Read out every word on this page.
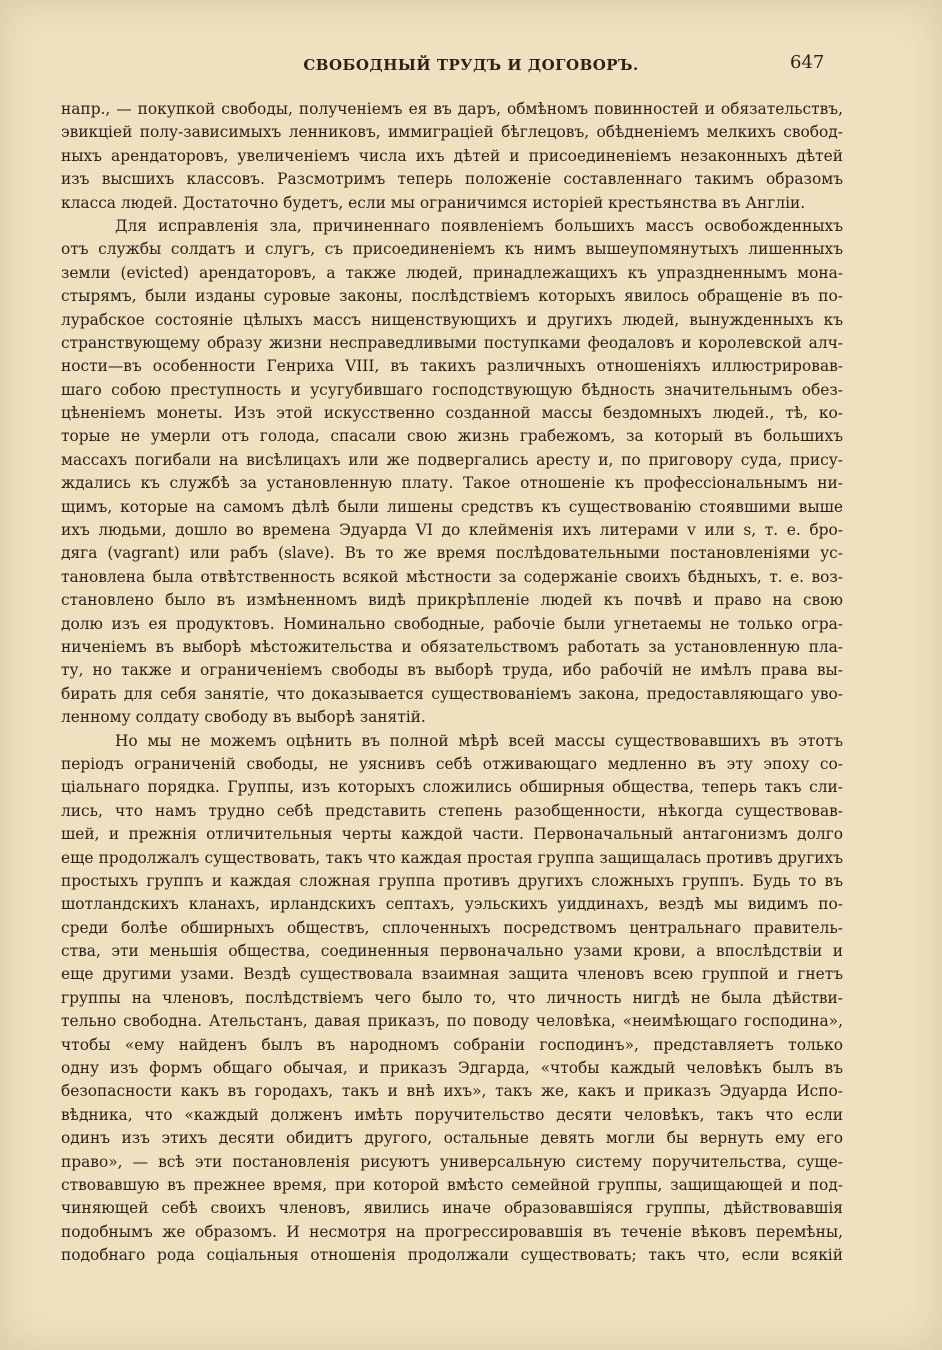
СВОБОДНЫЙ ТРУДЪ И ДОГОВОРЪ.	647
напр., — покупкой свободы, полученіемъ ея въ даръ, обмѣномъ повинностей и обязательствъ,
эвикціей полу-зависимыхъ ленниковъ, иммиграціей бѣглецовъ, обѣдненіемъ мелкихъ свобод-
ныхъ арендаторовъ, увеличеніемъ числа ихъ дѣтей и присоединеніемъ незаконныхъ дѣтей
изъ высшихъ классовъ. Разсмотримъ теперь положеніе составленнаго такимъ образомъ
класса людей. Достаточно будетъ, если мы ограничимся исторіей крестьянства въ Англіи.
Для исправленія зла, причиненнаго появленіемъ большихъ массъ освобожденныхъ
отъ службы солдатъ и слугъ, съ присоединеніемъ къ нимъ вышеупомянутыхъ лишенныхъ
земли (evicted) арендаторовъ, а также людей, принадлежащихъ къ упраздненнымъ мона-
стырямъ, были изданы суровые законы, послѣдствіемъ которыхъ явилось обращеніе въ по-
лурабское состояніе цѣлыхъ массъ нищенствующихъ и другихъ людей, вынужденныхъ къ
странствующему образу жизни несправедливыми поступками феодаловъ и королевской алч-
ности—въ особенности Генриха VIII, въ такихъ различныхъ отношеніяхъ иллюстрировав-
шаго собою преступность и усугубившаго господствующую бѣдность значительнымъ обез-
цѣненіемъ монеты. Изъ этой искусственно созданной массы бездомныхъ людей., тѣ, ко-
торые не умерли отъ голода, спасали свою жизнь грабежомъ, за который въ большихъ
массахъ погибали на висѣлицахъ или же подвергались аресту и, по приговору суда, прису-
ждались къ службѣ за установленную плату. Такое отношеніе къ профессіональнымъ ни-
щимъ, которые на самомъ дѣлѣ были лишены средствъ къ существованію стоявшими выше
ихъ людьми, дошло во времена Эдуарда VI до клейменія ихъ литерами v или s, т. е. бро-
дяга (vagrant) или рабъ (slave). Въ то же время послѣдовательными постановленіями ус-
тановлена была отвѣтственность всякой мѣстности за содержаніе своихъ бѣдныхъ, т. е. воз-
становлено было въ измѣненномъ видѣ прикрѣпленіе людей къ почвѣ и право на свою
долю изъ ея продуктовъ. Номинально свободные, рабочіе были угнетаемы не только огра-
ниченіемъ въ выборѣ мѣстожительства и обязательствомъ работать за установленную пла-
ту, но также и ограниченіемъ свободы въ выборѣ труда, ибо рабочій не имѣлъ права вы-
бирать для себя занятіе, что доказывается существованіемъ закона, предоставляющаго уво-
ленному солдату свободу въ выборѣ занятій.
Но мы не можемъ оцѣнить въ полной мѣрѣ всей массы существовавшихъ въ этотъ
періодъ ограниченій свободы, не уяснивъ себѣ отживающаго медленно въ эту эпоху со-
ціальнаго порядка. Группы, изъ которыхъ сложились обширныя общества, теперь такъ сли-
лись, что намъ трудно себѣ представить степень разобщенности, нѣкогда существовав-
шей, и прежнія отличительныя черты каждой части. Первоначальный антагонизмъ долго
еще продолжалъ существовать, такъ что каждая простая группа защищалась противъ другихъ
простыхъ группъ и каждая сложная группа противъ другихъ сложныхъ группъ. Будь то въ
шотландскихъ кланахъ, ирландскихъ септахъ, уэльскихъ уиддинахъ, вездѣ мы видимъ по-
среди болѣе обширныхъ обществъ, сплоченныхъ посредствомъ центральнаго правитель-
ства, эти меньшія общества, соединенныя первоначально узами крови, а впослѣдствіи и
еще другими узами. Вездѣ существовала взаимная защита членовъ всею группой и гнетъ
группы на членовъ, послѣдствіемъ чего было то, что личность нигдѣ не была дѣйстви-
тельно свободна. Ательстанъ, давая приказъ, по поводу человѣка, «неимѣющаго господина»,
чтобы «ему найденъ былъ въ народномъ собраніи господинъ», представляетъ только
одну изъ формъ общаго обычая, и приказъ Эдгарда, «чтобы каждый человѣкъ былъ въ
безопасности какъ въ городахъ, такъ и внѣ ихъ», такъ же, какъ и приказъ Эдуарда Испо-
вѣдника, что «каждый долженъ имѣть поручительство десяти человѣкъ, такъ что если
одинъ изъ этихъ десяти обидитъ другого, остальные девять могли бы вернуть ему его
право», — всѣ эти постановленія рисуютъ универсальную систему поручительства, суще-
ствовавшую въ прежнее время, при которой вмѣсто семейной группы, защищающей и под-
чиняющей себѣ своихъ членовъ, явились иначе образовавшіяся группы, дѣйствовавшія
подобнымъ же образомъ. И несмотря на прогрессировавшія въ теченіе вѣковъ перемѣны,
подобнаго рода соціальныя отношенія продолжали существовать; такъ что, если всякій
